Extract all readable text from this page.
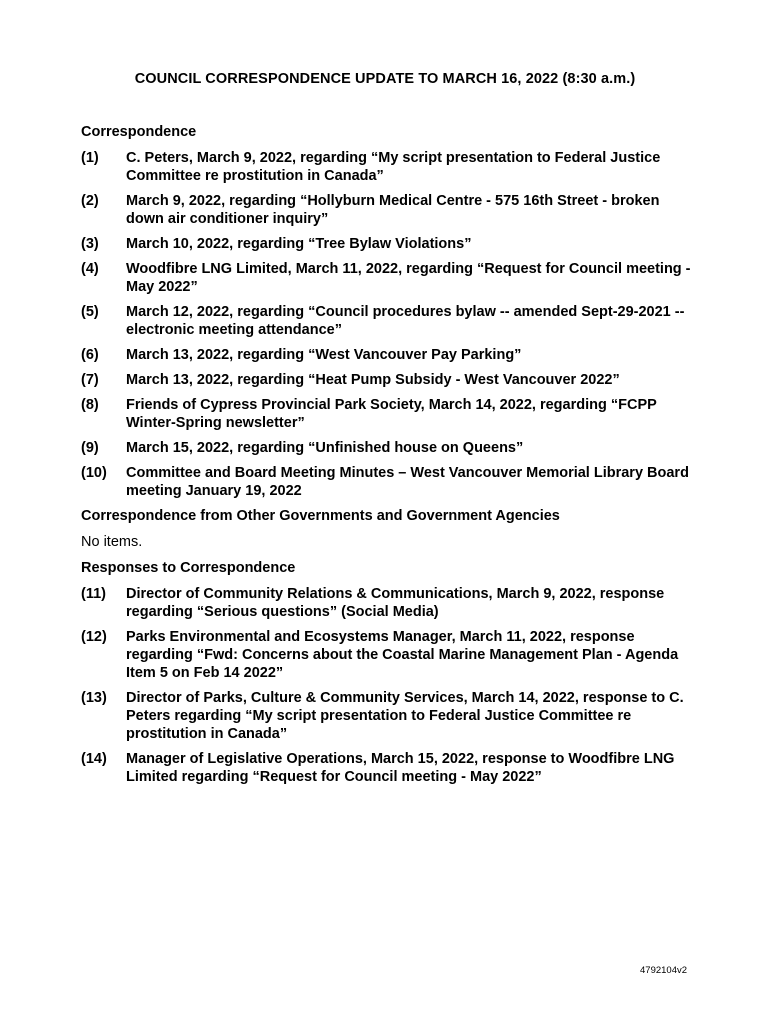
COUNCIL CORRESPONDENCE UPDATE TO MARCH 16, 2022 (8:30 a.m.)
Correspondence
(1)	C. Peters, March 9, 2022, regarding “My script presentation to Federal Justice Committee re prostitution in Canada”
(2)	March 9, 2022, regarding “Hollyburn Medical Centre - 575 16th Street - broken down air conditioner inquiry”
(3)	March 10, 2022, regarding “Tree Bylaw Violations”
(4)	Woodfibre LNG Limited, March 11, 2022, regarding “Request for Council meeting - May 2022”
(5)	March 12, 2022, regarding “Council procedures bylaw -- amended Sept-29-2021 -- electronic meeting attendance”
(6)	March 13, 2022, regarding “West Vancouver Pay Parking”
(7)	March 13, 2022, regarding “Heat Pump Subsidy - West Vancouver 2022”
(8)	Friends of Cypress Provincial Park Society, March 14, 2022, regarding “FCPP Winter-Spring newsletter”
(9)	March 15, 2022, regarding “Unfinished house on Queens”
(10)	Committee and Board Meeting Minutes – West Vancouver Memorial Library Board meeting January 19, 2022
Correspondence from Other Governments and Government Agencies
No items.
Responses to Correspondence
(11)	Director of Community Relations & Communications, March 9, 2022, response regarding “Serious questions” (Social Media)
(12)	Parks Environmental and Ecosystems Manager, March 11, 2022, response regarding “Fwd: Concerns about the Coastal Marine Management Plan - Agenda Item 5 on Feb 14 2022”
(13)	Director of Parks, Culture & Community Services, March 14, 2022, response to C. Peters regarding “My script presentation to Federal Justice Committee re prostitution in Canada”
(14)	Manager of Legislative Operations, March 15, 2022, response to Woodfibre LNG Limited regarding “Request for Council meeting - May 2022”
4792104v2
